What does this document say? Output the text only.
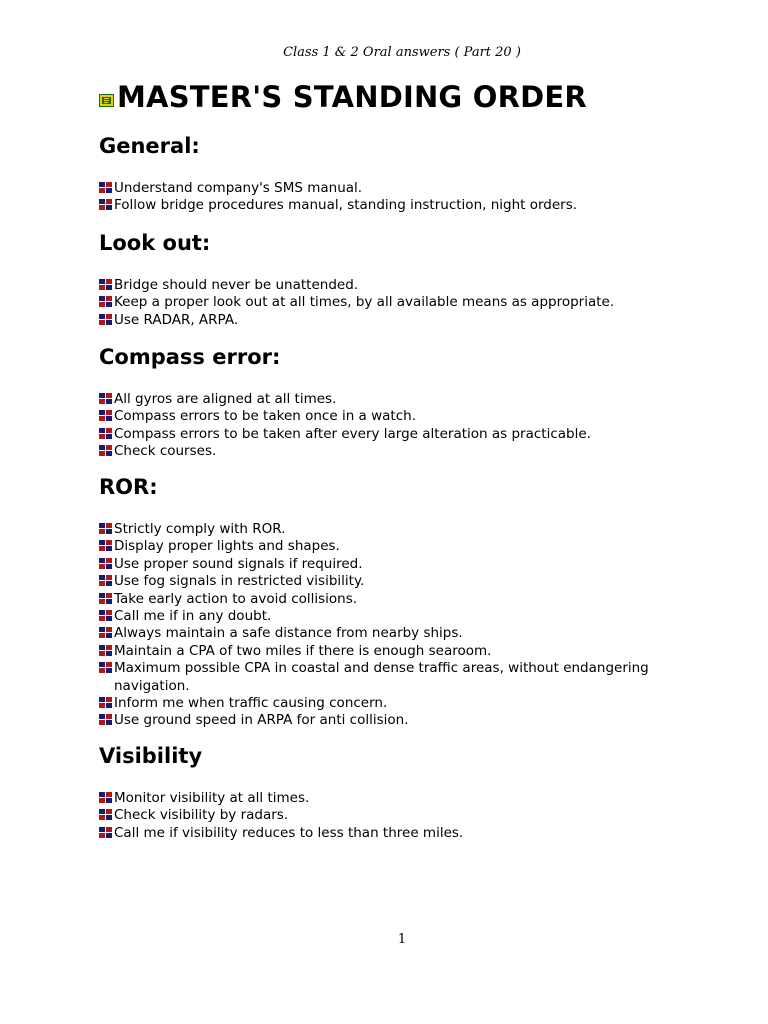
Class 1 & 2 Oral answers ( Part 20 )
MASTER'S STANDING ORDER
General:
Understand company's SMS manual.
Follow bridge procedures manual, standing instruction, night orders.
Look out:
Bridge should never be unattended.
Keep a proper look out at all times, by all available means as appropriate.
Use RADAR, ARPA.
Compass error:
All gyros are aligned at all times.
Compass errors to be taken once in a watch.
Compass errors to be taken after every large alteration as practicable.
Check courses.
ROR:
Strictly comply with ROR.
Display proper lights and shapes.
Use proper sound signals if required.
Use fog signals in restricted visibility.
Take early action to avoid collisions.
Call me if in any doubt.
Always maintain a safe distance from nearby ships.
Maintain a CPA of two miles if there is enough searoom.
Maximum possible CPA in coastal and dense traffic areas, without endangering navigation.
Inform me when traffic causing concern.
Use ground speed in ARPA for anti collision.
Visibility
Monitor visibility at all times.
Check visibility by radars.
Call me if visibility reduces to less than three miles.
1
